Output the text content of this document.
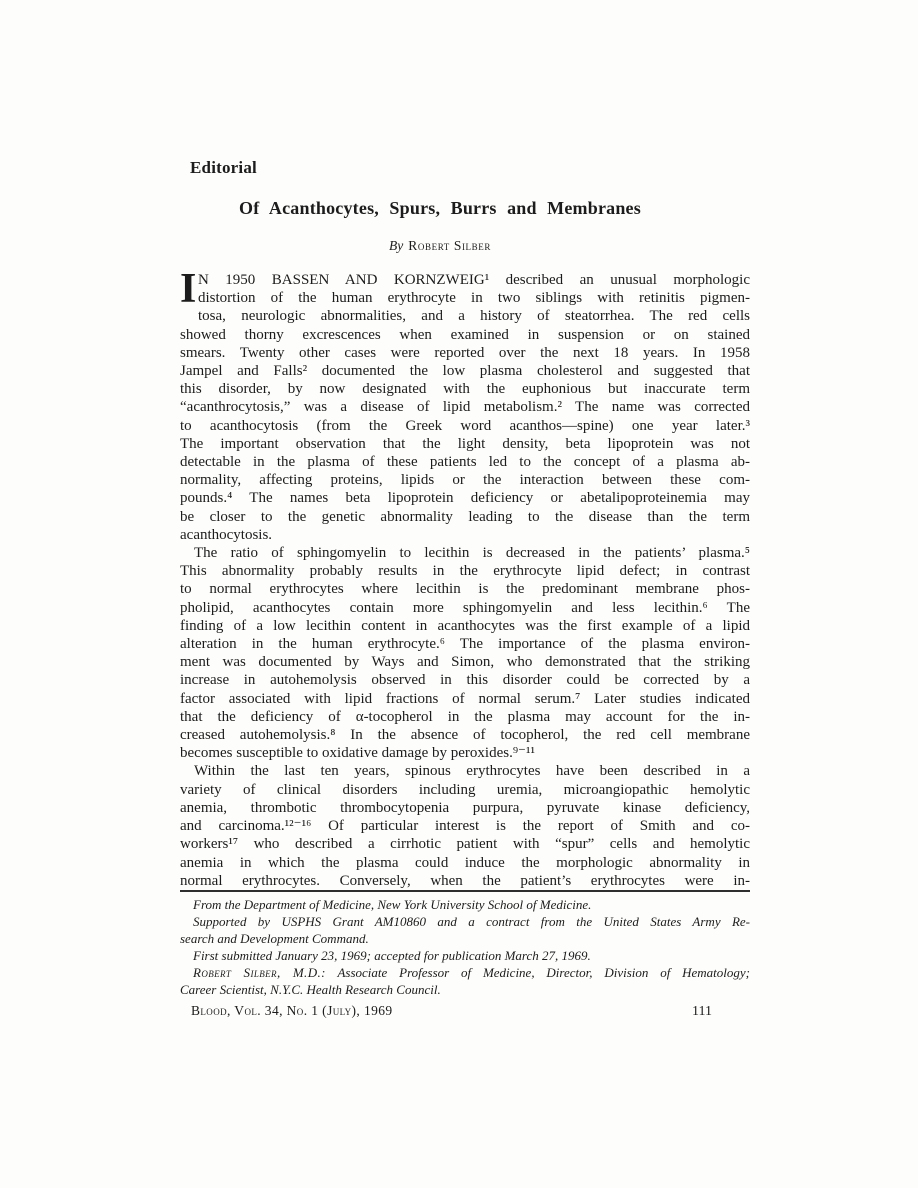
Editorial
Of Acanthocytes, Spurs, Burrs and Membranes
By Robert Silber
I N 1950 BASSEN AND KORNZWEIG¹ described an unusual morphologic
distortion of the human erythrocyte in two siblings with retinitis pigmen-
tosa, neurologic abnormalities, and a history of steatorrhea. The red cells
showed thorny excrescences when examined in suspension or on stained
smears. Twenty other cases were reported over the next 18 years. In 1958
Jampel and Falls² documented the low plasma cholesterol and suggested that
this disorder, by now designated with the euphonious but inaccurate term
“acanthrocytosis,” was a disease of lipid metabolism.² The name was corrected
to acanthocytosis (from the Greek word acanthos—spine) one year later.³
The important observation that the light density, beta lipoprotein was not
detectable in the plasma of these patients led to the concept of a plasma ab-
normality, affecting proteins, lipids or the interaction between these com-
pounds.⁴ The names beta lipoprotein deficiency or abetalipoproteinemia may
be closer to the genetic abnormality leading to the disease than the term
acanthocytosis.
The ratio of sphingomyelin to lecithin is decreased in the patients’ plasma.⁵
This abnormality probably results in the erythrocyte lipid defect; in contrast
to normal erythrocytes where lecithin is the predominant membrane phos-
pholipid, acanthocytes contain more sphingomyelin and less lecithin.⁶ The
finding of a low lecithin content in acanthocytes was the first example of a lipid
alteration in the human erythrocyte.⁶ The importance of the plasma environ-
ment was documented by Ways and Simon, who demonstrated that the striking
increase in autohemolysis observed in this disorder could be corrected by a
factor associated with lipid fractions of normal serum.⁷ Later studies indicated
that the deficiency of α-tocopherol in the plasma may account for the in-
creased autohemolysis.⁸ In the absence of tocopherol, the red cell membrane
becomes susceptible to oxidative damage by peroxides.⁹⁻¹¹
Within the last ten years, spinous erythrocytes have been described in a
variety of clinical disorders including uremia, microangiopathic hemolytic
anemia, thrombotic thrombocytopenia purpura, pyruvate kinase deficiency,
and carcinoma.¹²⁻¹⁶ Of particular interest is the report of Smith and co-
workers¹⁷ who described a cirrhotic patient with “spur” cells and hemolytic
anemia in which the plasma could induce the morphologic abnormality in
normal erythrocytes. Conversely, when the patient’s erythrocytes were in-
From the Department of Medicine, New York University School of Medicine.
Supported by USPHS Grant AM10860 and a contract from the United States Army Re-
search and Development Command.
First submitted January 23, 1969; accepted for publication March 27, 1969.
Robert Silber, M.D.: Associate Professor of Medicine, Director, Division of Hematology;
Career Scientist, N.Y.C. Health Research Council.
Blood, Vol. 34, No. 1 (July), 1969	111
